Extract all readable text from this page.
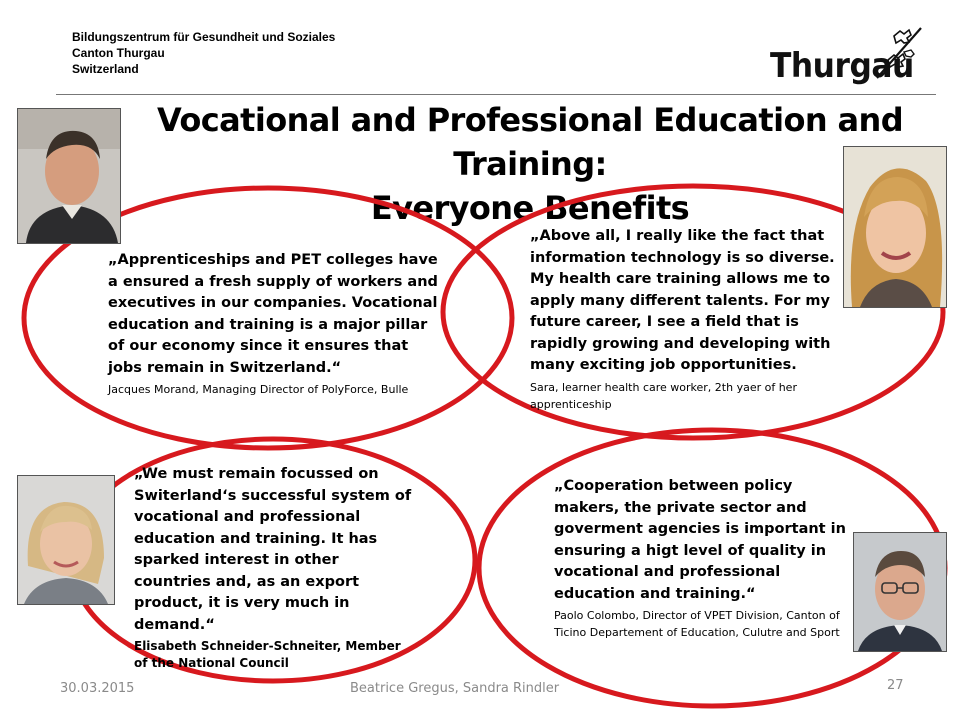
Bildungszentrum für Gesundheit und Soziales
Canton Thurgau
Switzerland	Thurgau
Vocational and Professional Education and Training:
Everyone Benefits
„Apprenticeships and PET colleges have a ensured a fresh supply of workers and executives in our companies. Vocational education and training is a major pillar of our economy since it ensures that jobs remain in Switzerland.“
Jacques Morand, Managing Director of PolyForce, Bulle
„Above all, I really like the fact that information technology is so diverse. My health care training allows me to apply many different talents. For my future career, I see a field that is rapidly growing and developing with many exciting job opportunities.
Sara, learner health care worker, 2th yaer of her apprenticeship
„We must remain focussed on Switerland‘s successful system of vocational and professional education and training. It has sparked interest in other countries and, as an export product, it is very much in demand.“
Elisabeth Schneider-Schneiter, Member of the National Council
„Cooperation between policy makers, the private sector and goverment agencies is important in ensuring a higt level of quality in vocational and professional education and training.“
Paolo Colombo, Director of VPET Division, Canton of Ticino Departement of Education, Culutre and Sport
30.03.2015	Beatrice Gregus, Sandra Rindler	27
